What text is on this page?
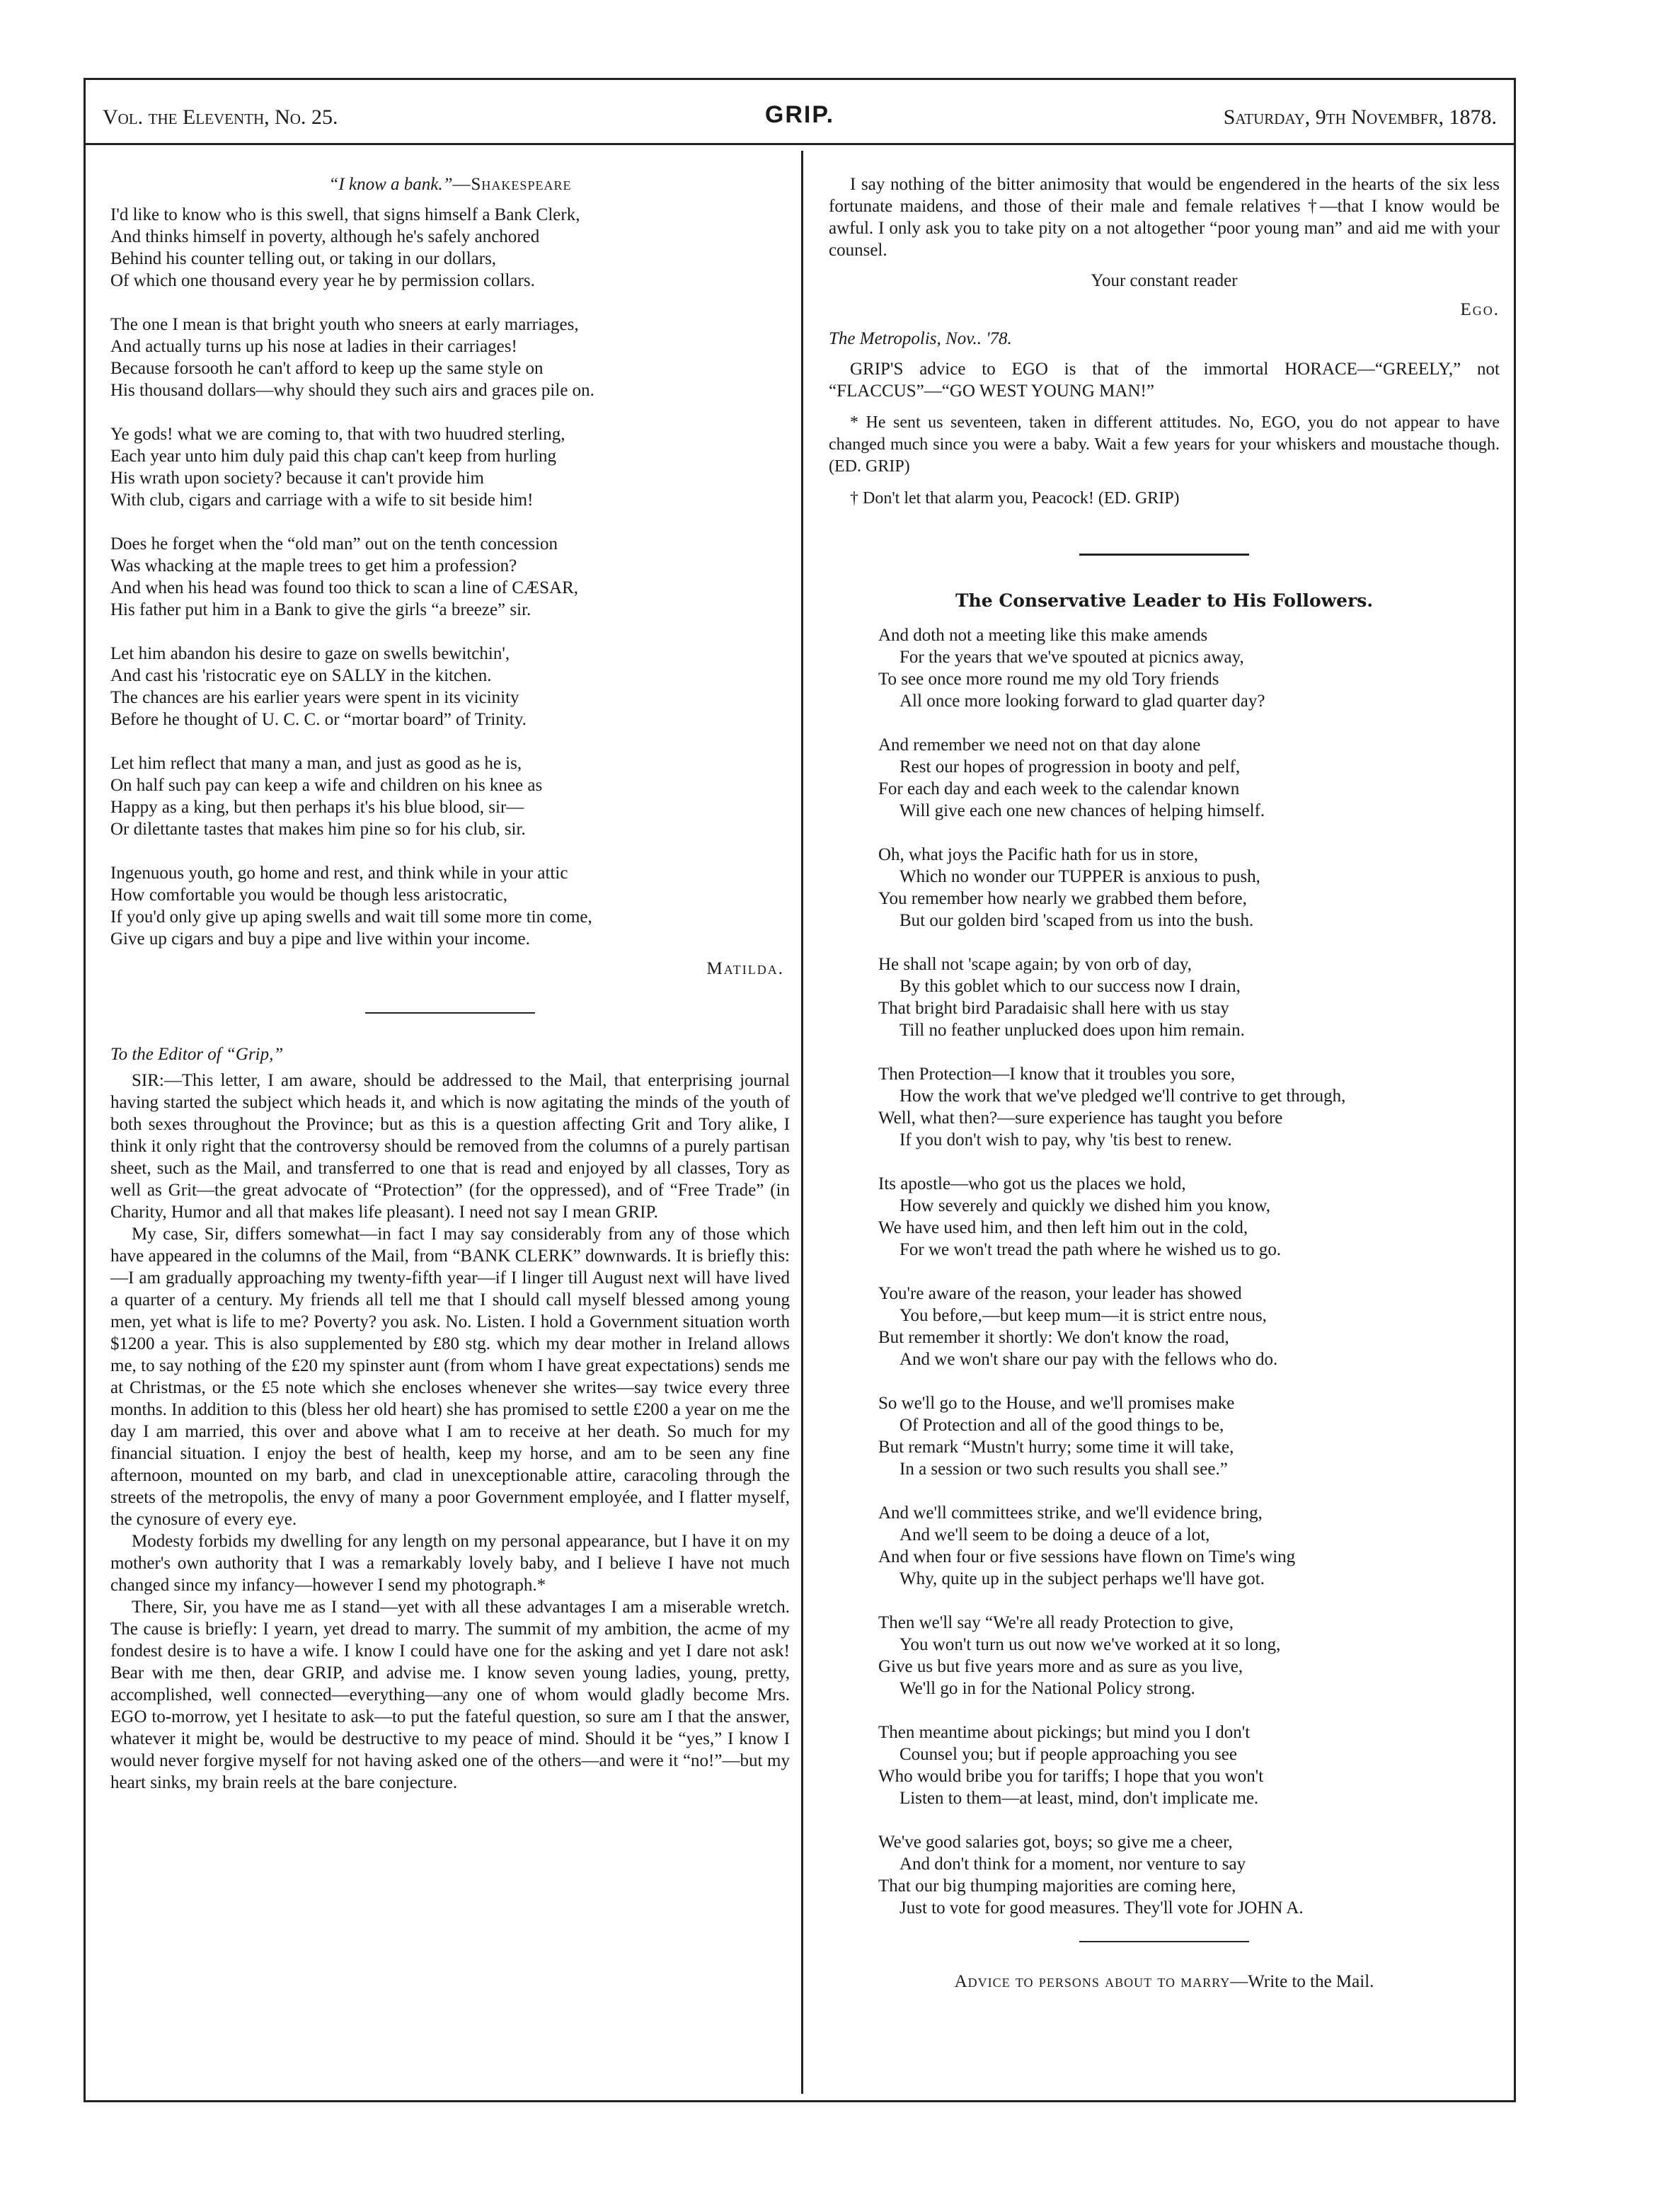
Vol. the Eleventh, No. 25.	GRIP.	Saturday, 9th Novembfr, 1878.
“I know a bank.”—Shakespeare
I'd like to know who is this swell, that signs himself a Bank Clerk,
And thinks himself in poverty, although he's safely anchored
Behind his counter telling out, or taking in our dollars,
Of which one thousand every year he by permission collars.
The one I mean is that bright youth who sneers at early marriages,
And actually turns up his nose at ladies in their carriages!
Because forsooth he can't afford to keep up the same style on
His thousand dollars—why should they such airs and graces pile on.
Ye gods! what we are coming to, that with two huudred sterling,
Each year unto him duly paid this chap can't keep from hurling
His wrath upon society? because it can't provide him
With club, cigars and carriage with a wife to sit beside him!
Does he forget when the “old man” out on the tenth concession
Was whacking at the maple trees to get him a profession?
And when his head was found too thick to scan a line of CÆSAR,
His father put him in a Bank to give the girls “a breeze” sir.
Let him abandon his desire to gaze on swells bewitchin',
And cast his 'ristocratic eye on SALLY in the kitchen.
The chances are his earlier years were spent in its vicinity
Before he thought of U. C. C. or “mortar board” of Trinity.
Let him reflect that many a man, and just as good as he is,
On half such pay can keep a wife and children on his knee as
Happy as a king, but then perhaps it's his blue blood, sir—
Or dilettante tastes that makes him pine so for his club, sir.
Ingenuous youth, go home and rest, and think while in your attic
How comfortable you would be though less aristocratic,
If you'd only give up aping swells and wait till some more tin come,
Give up cigars and buy a pipe and live within your income.
Matilda.
To the Editor of “Grip,”

SIR:—This letter, I am aware, should be addressed to the Mail, that enterprising journal having started the subject which heads it, and which is now agitating the minds of the youth of both sexes throughout the Province; but as this is a question affecting Grit and Tory alike, I think it only right that the controversy should be removed from the columns of a purely partisan sheet, such as the Mail, and transferred to one that is read and enjoyed by all classes, Tory as well as Grit—the great advocate of “Protection” (for the oppressed), and of “Free Trade” (in Charity, Humor and all that makes life pleasant). I need not say I mean GRIP.

My case, Sir, differs somewhat—in fact I may say considerably from any of those which have appeared in the columns of the Mail, from “BANK CLERK” downwards. It is briefly this:—I am gradually approaching my twenty-fifth year—if I linger till August next will have lived a quarter of a century. My friends all tell me that I should call myself blessed among young men, yet what is life to me? Poverty? you ask. No. Listen. I hold a Government situation worth $1200 a year. This is also supplemented by £80 stg. which my dear mother in Ireland allows me, to say nothing of the £20 my spinster aunt (from whom I have great expectations) sends me at Christmas, or the £5 note which she encloses whenever she writes—say twice every three months. In addition to this (bless her old heart) she has promised to settle £200 a year on me the day I am married, this over and above what I am to receive at her death. So much for my financial situation. I enjoy the best of health, keep my horse, and am to be seen any fine afternoon, mounted on my barb, and clad in unexceptionable attire, caracoling through the streets of the metropolis, the envy of many a poor Government employée, and I flatter myself, the cynosure of every eye.

Modesty forbids my dwelling for any length on my personal appearance, but I have it on my mother's own authority that I was a remarkably lovely baby, and I believe I have not much changed since my infancy—however I send my photograph.*

There, Sir, you have me as I stand—yet with all these advantages I am a miserable wretch. The cause is briefly: I yearn, yet dread to marry. The summit of my ambition, the acme of my fondest desire is to have a wife. I know I could have one for the asking and yet I dare not ask! Bear with me then, dear GRIP, and advise me. I know seven young ladies, young, pretty, accomplished, well connected—everything—any one of whom would gladly become Mrs. EGO to-morrow, yet I hesitate to ask—to put the fateful question, so sure am I that the answer, whatever it might be, would be destructive to my peace of mind. Should it be “yes,” I know I would never forgive myself for not having asked one of the others—and were it “no!”—but my heart sinks, my brain reels at the bare conjecture.

I say nothing of the bitter animosity that would be engendered in the hearts of the six less fortunate maidens, and those of their male and female relatives †—that I know would be awful. I only ask you to take pity on a not altogether “poor young man” and aid me with your counsel.

Your constant reader
Ego.
The Metropolis, Nov.. '78.

GRIP'S advice to EGO is that of the immortal HORACE—“GREELY,” not “FLACCUS”—“GO WEST YOUNG MAN!”

* He sent us seventeen, taken in different attitudes. No, EGO, you do not appear to have changed much since you were a baby. Wait a few years for your whiskers and moustache though. (ED. GRIP)

† Don't let that alarm you, Peacock! (ED. GRIP)

The Conservative Leader to His Followers.
And doth not a meeting like this make amends
For the years that we've spouted at picnics away,
To see once more round me my old Tory friends
All once more looking forward to glad quarter day?
And remember we need not on that day alone
Rest our hopes of progression in booty and pelf,
For each day and each week to the calendar known
Will give each one new chances of helping himself.
Oh, what joys the Pacific hath for us in store,
Which no wonder our TUPPER is anxious to push,
You remember how nearly we grabbed them before,
But our golden bird 'scaped from us into the bush.
He shall not 'scape again; by von orb of day,
By this goblet which to our success now I drain,
That bright bird Paradaisic shall here with us stay
Till no feather unplucked does upon him remain.
Then Protection—I know that it troubles you sore,
How the work that we've pledged we'll contrive to get through,
Well, what then?—sure experience has taught you before
If you don't wish to pay, why 'tis best to renew.
Its apostle—who got us the places we hold,
How severely and quickly we dished him you know,
We have used him, and then left him out in the cold,
For we won't tread the path where he wished us to go.
You're aware of the reason, your leader has showed
You before,—but keep mum—it is strict entre nous,
But remember it shortly: We don't know the road,
And we won't share our pay with the fellows who do.
So we'll go to the House, and we'll promises make
Of Protection and all of the good things to be,
But remark “Mustn't hurry; some time it will take,
In a session or two such results you shall see.”
And we'll committees strike, and we'll evidence bring,
And we'll seem to be doing a deuce of a lot,
And when four or five sessions have flown on Time's wing
Why, quite up in the subject perhaps we'll have got.
Then we'll say “We're all ready Protection to give,
You won't turn us out now we've worked at it so long,
Give us but five years more and as sure as you live,
We'll go in for the National Policy strong.
Then meantime about pickings; but mind you I don't
Counsel you; but if people approaching you see
Who would bribe you for tariffs; I hope that you won't
Listen to them—at least, mind, don't implicate me.
We've good salaries got, boys; so give me a cheer,
And don't think for a moment, nor venture to say
That our big thumping majorities are coming here,
Just to vote for good measures. They'll vote for JOHN A.
Advice to persons about to marry—Write to the Mail.
